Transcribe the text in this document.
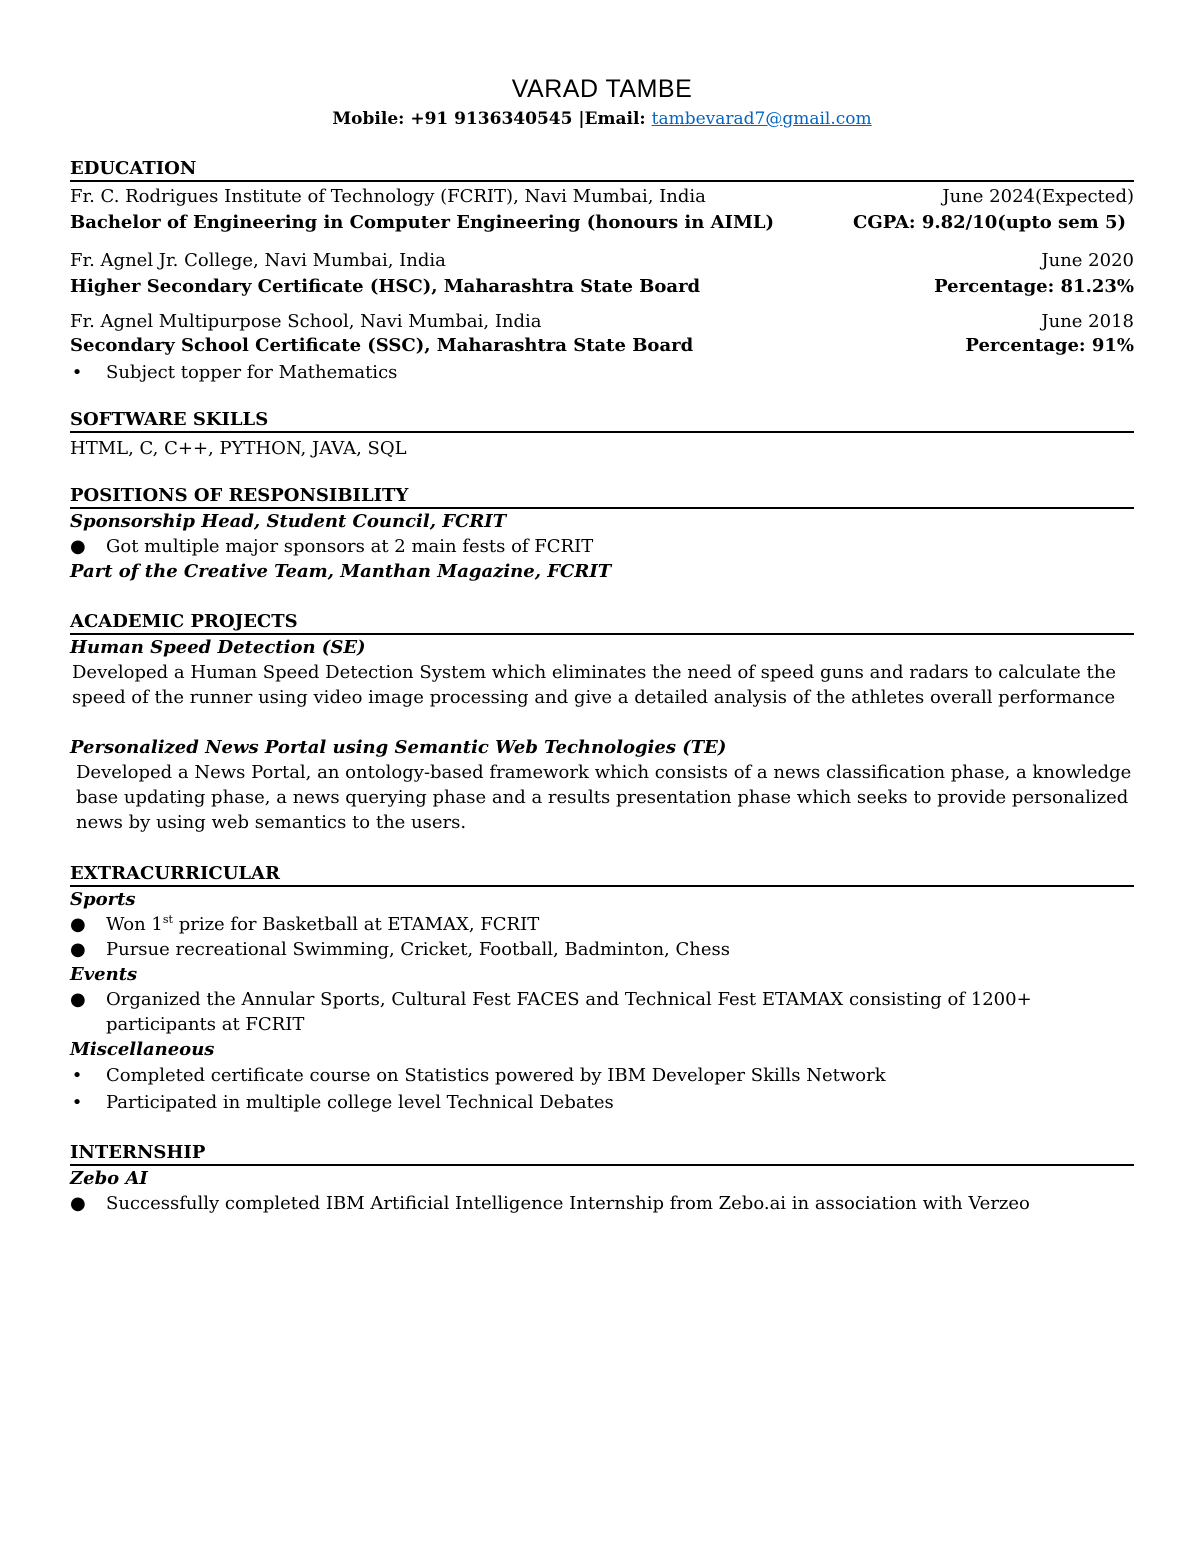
VARAD TAMBE

Mobile: +91 9136340545 |Email: tambevarad7@gmail.com

EDUCATION

Fr. C. Rodrigues Institute of Technology (FCRIT), Navi Mumbai, India	June 2024(Expected)
Bachelor of Engineering in Computer Engineering (honours in AIML)	CGPA: 9.82/10(upto sem 5)
Fr. Agnel Jr. College, Navi Mumbai, India	June 2020
Higher Secondary Certificate (HSC), Maharashtra State Board	Percentage: 81.23%
Fr. Agnel Multipurpose School, Navi Mumbai, India	June 2018
Secondary School Certificate (SSC), Maharashtra State Board	Percentage: 91%
• Subject topper for Mathematics

SOFTWARE SKILLS

HTML, C, C++, PYTHON, JAVA, SQL

POSITIONS OF RESPONSIBILITY

Sponsorship Head, Student Council, FCRIT
● Got multiple major sponsors at 2 main fests of FCRIT
Part of the Creative Team, Manthan Magazine, FCRIT

ACADEMIC PROJECTS

Human Speed Detection (SE)

Developed a Human Speed Detection System which eliminates the need of speed guns and radars to calculate the

speed of the runner using video image processing and give a detailed analysis of the athletes overall performance

Personalized News Portal using Semantic Web Technologies (TE)

Developed a News Portal, an ontology-based framework which consists of a news classification phase, a knowledge

base updating phase, a news querying phase and a results presentation phase which seeks to provide personalized

news by using web semantics to the users.

EXTRACURRICULAR

Sports
● Won 1st prize for Basketball at ETAMAX, FCRIT
● Pursue recreational Swimming, Cricket, Football, Badminton, Chess
Events
● Organized the Annular Sports, Cultural Fest FACES and Technical Fest ETAMAX consisting of 1200+
participants at FCRIT
Miscellaneous
• Completed certificate course on Statistics powered by IBM Developer Skills Network
• Participated in multiple college level Technical Debates

INTERNSHIP

Zebo AI
● Successfully completed IBM Artificial Intelligence Internship from Zebo.ai in association with Verzeo
